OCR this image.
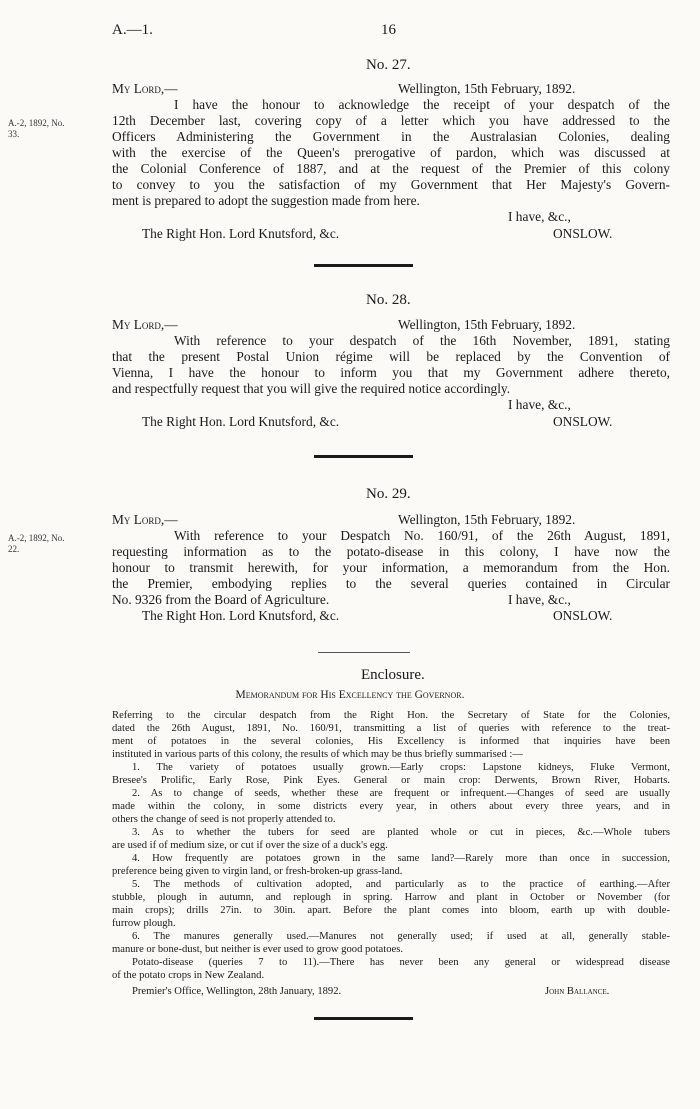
A.—1.	16
No. 27.
My Lord,—	Wellington, 15th February, 1892.
A.-2, 1892, No.
33.
I have the honour to acknowledge the receipt of your despatch of the
12th December last, covering copy of a letter which you have addressed to the
Officers Administering the Government in the Australasian Colonies, dealing
with the exercise of the Queen's prerogative of pardon, which was discussed at
the Colonial Conference of 1887, and at the request of the Premier of this colony
to convey to you the satisfaction of my Government that Her Majesty's Govern-
ment is prepared to adopt the suggestion made from here.
I have, &c.,
The Right Hon. Lord Knutsford, &c.	ONSLOW.
No. 28.
My Lord,—	Wellington, 15th February, 1892.
With reference to your despatch of the 16th November, 1891, stating
that the present Postal Union régime will be replaced by the Convention of
Vienna, I have the honour to inform you that my Government adhere thereto,
and respectfully request that you will give the required notice accordingly.
I have, &c.,
The Right Hon. Lord Knutsford, &c.	ONSLOW.
No. 29.
My Lord,—	Wellington, 15th February, 1892.
A.-2, 1892, No.
22.
With reference to your Despatch No. 160/91, of the 26th August, 1891,
requesting information as to the potato-disease in this colony, I have now the
honour to transmit herewith, for your information, a memorandum from the Hon.
the Premier, embodying replies to the several queries contained in Circular
No. 9326 from the Board of Agriculture.	I have, &c.,
The Right Hon. Lord Knutsford, &c.	ONSLOW.
Enclosure.
Memorandum for His Excellency the Governor.
Referring to the circular despatch from the Right Hon. the Secretary of State for the Colonies,
dated the 26th August, 1891, No. 160/91, transmitting a list of queries with reference to the treat-
ment of potatoes in the several colonies, His Excellency is informed that inquiries have been
instituted in various parts of this colony, the results of which may be thus briefly summarised :—
1. The variety of potatoes usually grown.—Early crops: Lapstone kidneys, Fluke Vermont,
Bresee's Prolific, Early Rose, Pink Eyes. General or main crop: Derwents, Brown River, Hobarts.
2. As to change of seeds, whether these are frequent or infrequent.—Changes of seed are usually
made within the colony, in some districts every year, in others about every three years, and in
others the change of seed is not properly attended to.
3. As to whether the tubers for seed are planted whole or cut in pieces, &c.—Whole tubers
are used if of medium size, or cut if over the size of a duck's egg.
4. How frequently are potatoes grown in the same land?—Rarely more than once in succession,
preference being given to virgin land, or fresh-broken-up grass-land.
5. The methods of cultivation adopted, and particularly as to the practice of earthing.—After
stubble, plough in autumn, and replough in spring. Harrow and plant in October or November (for
main crops); drills 27in. to 30in. apart. Before the plant comes into bloom, earth up with double-
furrow plough.
6. The manures generally used.—Manures not generally used; if used at all, generally stable-
manure or bone-dust, but neither is ever used to grow good potatoes.
Potato-disease (queries 7 to 11).—There has never been any general or widespread disease
of the potato crops in New Zealand.
Premier's Office, Wellington, 28th January, 1892.	John Ballance.
